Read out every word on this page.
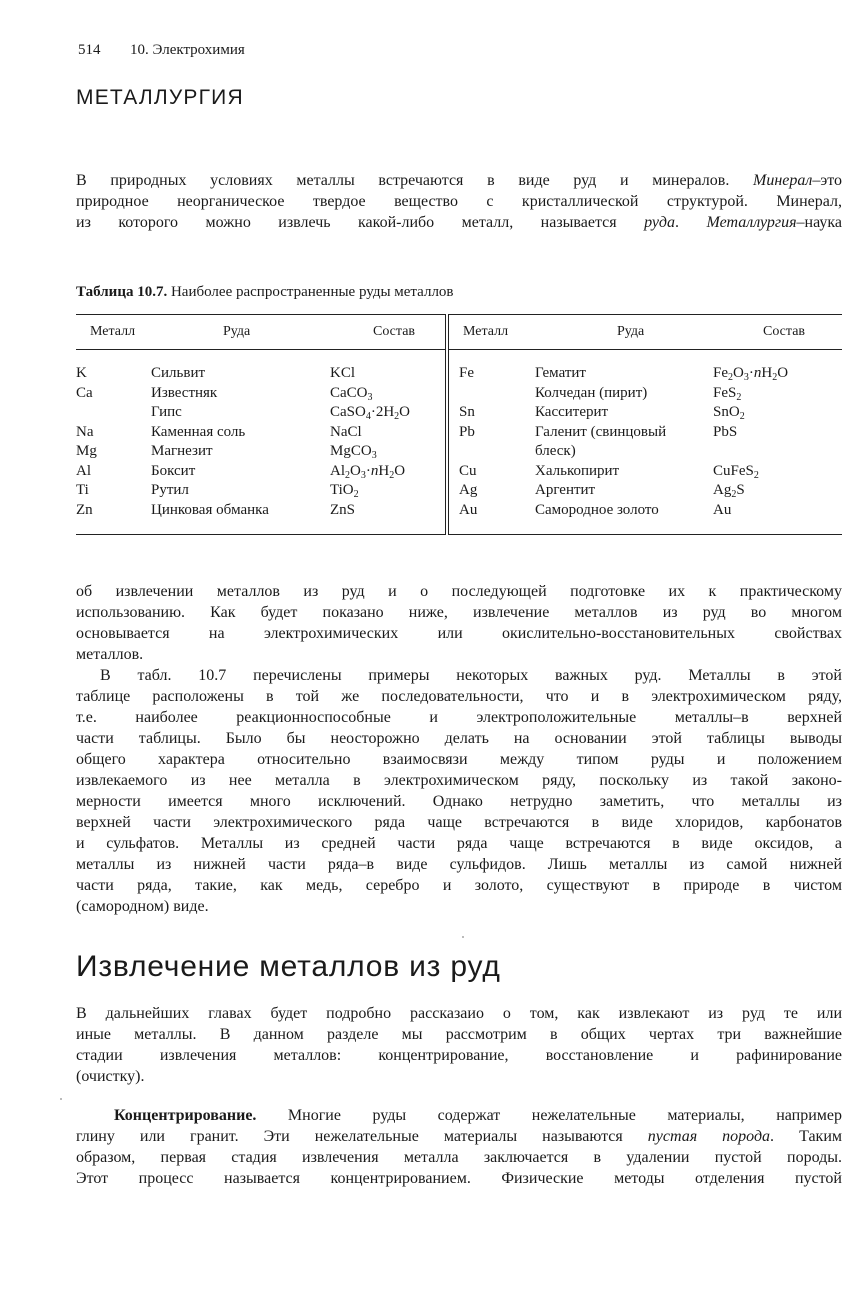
514 10. Электрохимия
МЕТАЛЛУРГИЯ
В природных условиях металлы встречаются в виде руд и минералов. Минерал–это
природное неорганическое твердое вещество с кристаллической структурой. Минерал,
из которого можно извлечь какой-либо металл, называется руда. Металлургия–наука
Таблица 10.7. Наиболее распространенные руды металлов
Металл	Руда	Состав	Металл	Руда	Состав

K	Сильвит	KCl	Fe	Гематит	$Fe_2O_3\cdot nH_2O$
Ca	Известняк	CaCO$_3$		Колчедан (пирит)	FeS$_2$
	Гипс	$CaSO_4\cdot 2H_2O$	Sn	Касситерит	SnO$_2$
Na	Каменная соль	NaCl	Pb	Галенит (свинцовый	PbS
Mg	Магнезит	MgCO$_3$		блеск)	
Al	Боксит	$Al_2O_3\cdot nH_2O$	Cu	Халькопирит	CuFeS$_2$
Ti	Рутил	TiO$_2$	Ag	Аргентит	$Ag_2S$
Zn	Цинковая обманка	ZnS	Au	Самородное золото	Au

об извлечении металлов из руд и о последующей подготовке их к практическому
использованию. Как будет показано ниже, извлечение металлов из руд во многом
основывается на электрохимических или окислительно-восстановительных свойствах
металлов.
В табл. 10.7 перечислены примеры некоторых важных руд. Металлы в этой
таблице расположены в той же последовательности, что и в электрохимическом ряду,
т.е. наиболее реакционноспособные и электроположительные металлы–в верхней
части таблицы. Было бы неосторожно делать на основании этой таблицы выводы
общего характера относительно взаимосвязи между типом руды и положением
извлекаемого из нее металла в электрохимическом ряду, поскольку из такой законо-
мерности имеется много исключений. Однако нетрудно заметить, что металлы из
верхней части электрохимического ряда чаще встречаются в виде хлоридов, карбонатов
и сульфатов. Металлы из средней части ряда чаще встречаются в виде оксидов, а
металлы из нижней части ряда–в виде сульфидов. Лишь металлы из самой нижней
части ряда, такие, как медь, серебро и золото, существуют в природе в чистом
(самородном) виде.
Извлечение металлов из руд
В дальнейших главах будет подробно рассказаио о том, как извлекают из руд те или
иные металлы. В данном разделе мы рассмотрим в общих чертах три важнейшие
стадии извлечения металлов: концентрирование, восстановление и рафинирование
(очистку).
Концентрирование. Многие руды содержат нежелательные материалы, например
глину или гранит. Эти нежелательные материалы называются пустая порода. Таким
образом, первая стадия извлечения металла заключается в удалении пустой породы.
Этот процесс называется концентрированием. Физические методы отделения пустой
